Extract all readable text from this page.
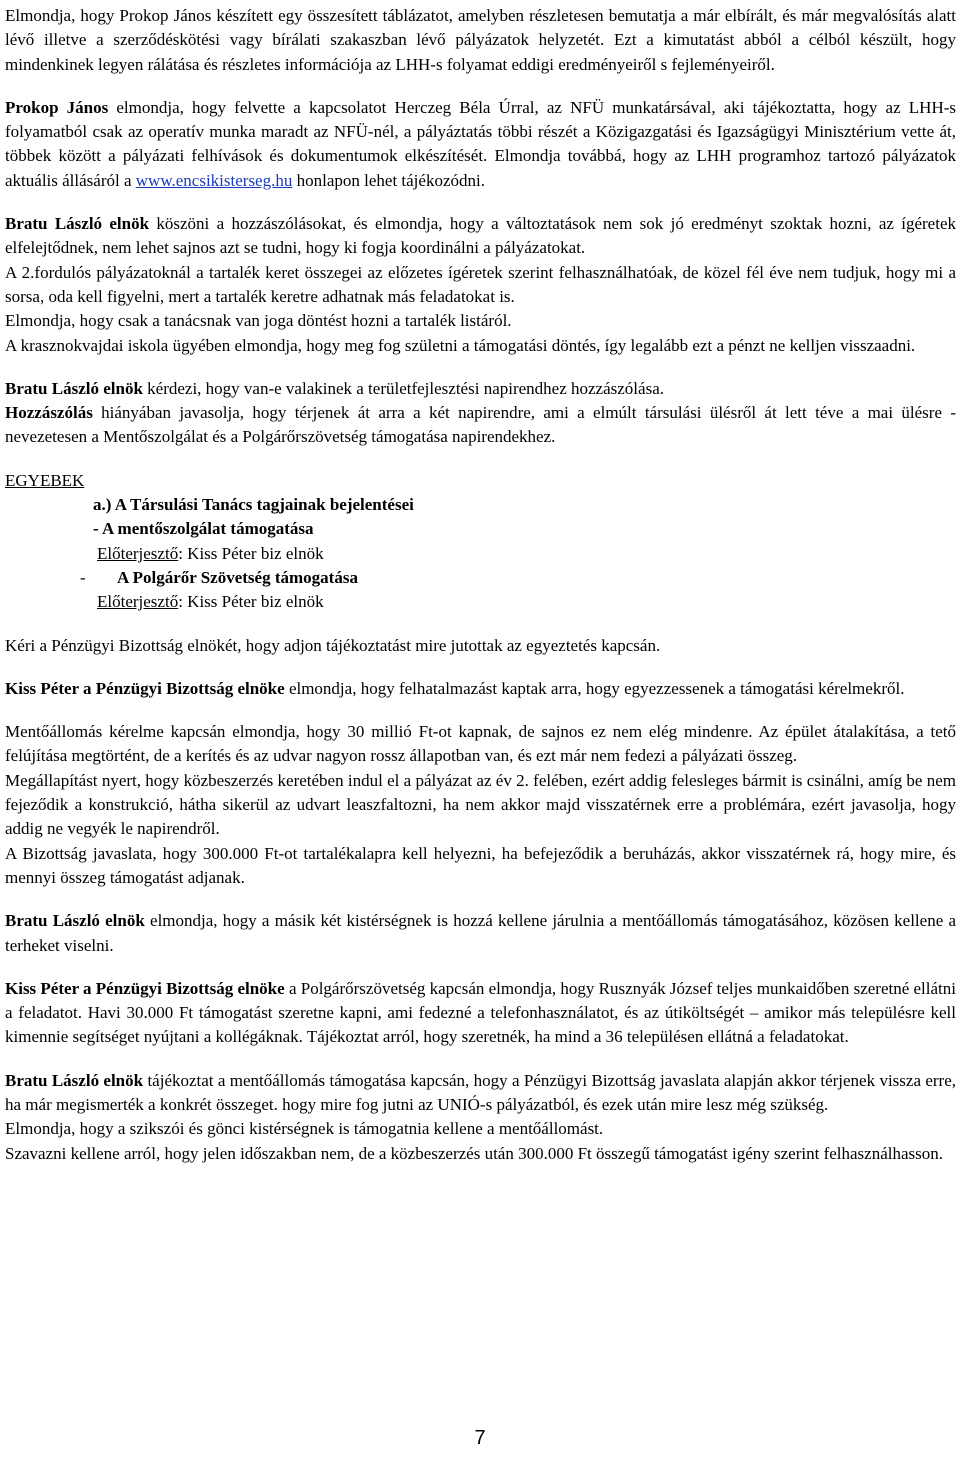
Elmondja, hogy Prokop János készített egy összesített táblázatot, amelyben részletesen bemutatja a már elbírált, és már megvalósítás alatt lévő illetve a szerződéskötési vagy bírálati szakaszban lévő pályázatok helyzetét. Ezt a kimutatást abból a célból készült, hogy mindenkinek legyen rálátása és részletes információja az LHH-s folyamat eddigi eredményeiről s fejleményeiről.

Prokop János elmondja, hogy felvette a kapcsolatot Herczeg Béla Úrral, az NFÜ munkatársával, aki tájékoztatta, hogy az LHH-s folyamatból csak az operatív munka maradt az NFÜ-nél, a pályáztatás többi részét a Közigazgatási és Igazságügyi Minisztérium vette át, többek között a pályázati felhívások és dokumentumok elkészítését. Elmondja továbbá, hogy az LHH programhoz tartozó pályázatok aktuális állásáról a www.encsikisterseg.hu honlapon lehet tájékozódni.

Bratu László elnök köszöni a hozzászólásokat, és elmondja, hogy a változtatások nem sok jó eredményt szoktak hozni, az ígéretek elfelejtődnek, nem lehet sajnos azt se tudni, hogy ki fogja koordinálni a pályázatokat.

A 2.fordulós pályázatoknál a tartalék keret összegei az előzetes ígéretek szerint felhasználhatóak, de közel fél éve nem tudjuk, hogy mi a sorsa, oda kell figyelni, mert a tartalék keretre adhatnak más feladatokat is.

Elmondja, hogy csak a tanácsnak van joga döntést hozni a tartalék listáról.

A krasznokvajdai iskola ügyében elmondja, hogy meg fog születni a támogatási döntés, így legalább ezt a pénzt ne kelljen visszaadni.

Bratu László elnök kérdezi, hogy van-e valakinek a területfejlesztési napirendhez hozzászólása.

Hozzászólás hiányában javasolja, hogy térjenek át arra a két napirendre, ami a elmúlt társulási ülésről át lett téve a mai ülésre - nevezetesen a Mentőszolgálat és a Polgárőrszövetség támogatása napirendekhez.

EGYEBEK
a.) A Társulási Tanács tagjainak bejelentései
- A mentőszolgálat támogatása
Előterjesztő: Kiss Péter biz elnök
- A Polgárőr Szövetség támogatása
Előterjesztő: Kiss Péter biz elnök

Kéri a Pénzügyi Bizottság elnökét, hogy adjon tájékoztatást mire jutottak az egyeztetés kapcsán.

Kiss Péter a Pénzügyi Bizottság elnöke elmondja, hogy felhatalmazást kaptak arra, hogy egyezzessenek a támogatási kérelmekről.

Mentőállomás kérelme kapcsán elmondja, hogy 30 millió Ft-ot kapnak, de sajnos ez nem elég mindenre. Az épület átalakítása, a tető felújítása megtörtént, de a kerítés és az udvar nagyon rossz állapotban van, és ezt már nem fedezi a pályázati összeg.

Megállapítást nyert, hogy közbeszerzés keretében indul el a pályázat az év 2. felében, ezért addig felesleges bármit is csinálni, amíg be nem fejeződik a konstrukció, hátha sikerül az udvart leaszfaltozni, ha nem akkor majd visszatérnek erre a problémára, ezért javasolja, hogy addig ne vegyék le napirendről.

A Bizottság javaslata, hogy 300.000 Ft-ot tartalékalapra kell helyezni, ha befejeződik a beruházás, akkor visszatérnek rá, hogy mire, és mennyi összeg támogatást adjanak.

Bratu László elnök elmondja, hogy a másik két kistérségnek is hozzá kellene járulnia a mentőállomás támogatásához, közösen kellene a terheket viselni.

Kiss Péter a Pénzügyi Bizottság elnöke a Polgárőrszövetség kapcsán elmondja, hogy Rusznyák József teljes munkaidőben szeretné ellátni a feladatot. Havi 30.000 Ft támogatást szeretne kapni, ami fedezné a telefonhasználatot, és az útiköltségét – amikor más településre kell kimennie segítséget nyújtani a kollégáknak. Tájékoztat arról, hogy szeretnék, ha mind a 36 településen ellátná a feladatokat.

Bratu László elnök tájékoztat a mentőállomás támogatása kapcsán, hogy a Pénzügyi Bizottság javaslata alapján akkor térjenek vissza erre, ha már megismerték a konkrét összeget. hogy mire fog jutni az UNIÓ-s pályázatból, és ezek után mire lesz még szükség.

Elmondja, hogy a szikszói és gönci kistérségnek is támogatnia kellene a mentőállomást.

Szavazni kellene arról, hogy jelen időszakban nem, de a közbeszerzés után 300.000 Ft összegű támogatást igény szerint felhasználhasson.

7
